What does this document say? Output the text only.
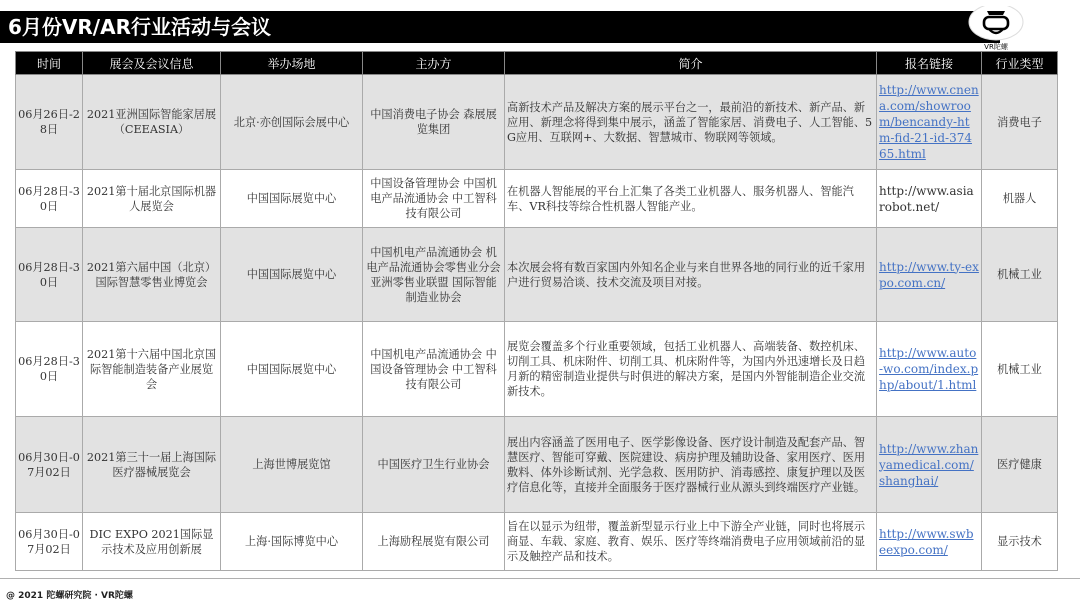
6月份VR/AR行业活动与会议
VR陀螺
时间	展会及会议信息	举办场地	主办方	简介	报名链接	行业类型
06月26日-28日	2021亚洲国际智能家居展（CEEASIA）	北京·亦创国际会展中心	中国消费电子协会 森展展览集团	高新技术产品及解决方案的展示平台之一，最前沿的新技术、新产品、新应用、新理念将得到集中展示，涵盖了智能家居、消费电子、人工智能、5G应用、互联网+、大数据、智慧城市、物联网等领域。	http://www.cnena.com/showroom/bencandy-htm-fid-21-id-37465.html	消费电子
06月28日-30日	2021第十届北京国际机器人展览会	中国国际展览中心	中国设备管理协会 中国机电产品流通协会 中工智科技有限公司	在机器人智能展的平台上汇集了各类工业机器人、服务机器人、智能汽车、VR科技等综合性机器人智能产业。	http://www.asiarobot.net/	机器人
06月28日-30日	2021第六届中国（北京）国际智慧零售业博览会	中国国际展览中心	中国机电产品流通协会 机电产品流通协会零售业分会 亚洲零售业联盟 国际智能制造业协会	本次展会将有数百家国内外知名企业与来自世界各地的同行业的近千家用户进行贸易洽谈、技术交流及项目对接。	http://www.ty-expo.com.cn/	机械工业
06月28日-30日	2021第十六届中国北京国际智能制造装备产业展览会	中国国际展览中心	中国机电产品流通协会 中国设备管理协会 中工智科技有限公司	展览会覆盖多个行业重要领域，包括工业机器人、高端装备、数控机床、切削工具、机床附件、切削工具、机床附件等，为国内外迅速增长及日趋月新的精密制造业提供与时俱进的解决方案，是国内外智能制造企业交流新技术。	http://www.auto-wo.com/index.php/about/1.html	机械工业
06月30日-07月02日	2021第三十一届上海国际医疗器械展览会	上海世博展览馆	中国医疗卫生行业协会	展出内容涵盖了医用电子、医学影像设备、医疗设计制造及配套产品、智慧医疗、智能可穿戴、医院建设、病房护理及辅助设备、家用医疗、医用敷料、体外诊断试剂、光学急救、医用防护、消毒感控、康复护理以及医疗信息化等，直接并全面服务于医疗器械行业从源头到终端医疗产业链。	http://www.zhanyamedical.com/shanghai/	医疗健康
06月30日-07月02日	DIC EXPO 2021国际显示技术及应用创新展	上海·国际博览中心	上海励程展览有限公司	旨在以显示为纽带，覆盖新型显示行业上中下游全产业链，同时也将展示商显、车载、家庭、教育、娱乐、医疗等终端消费电子应用领域前沿的显示及触控产品和技术。	http://www.swbeexpo.com/	显示技术
@ 2021 陀螺研究院 · VR陀螺
